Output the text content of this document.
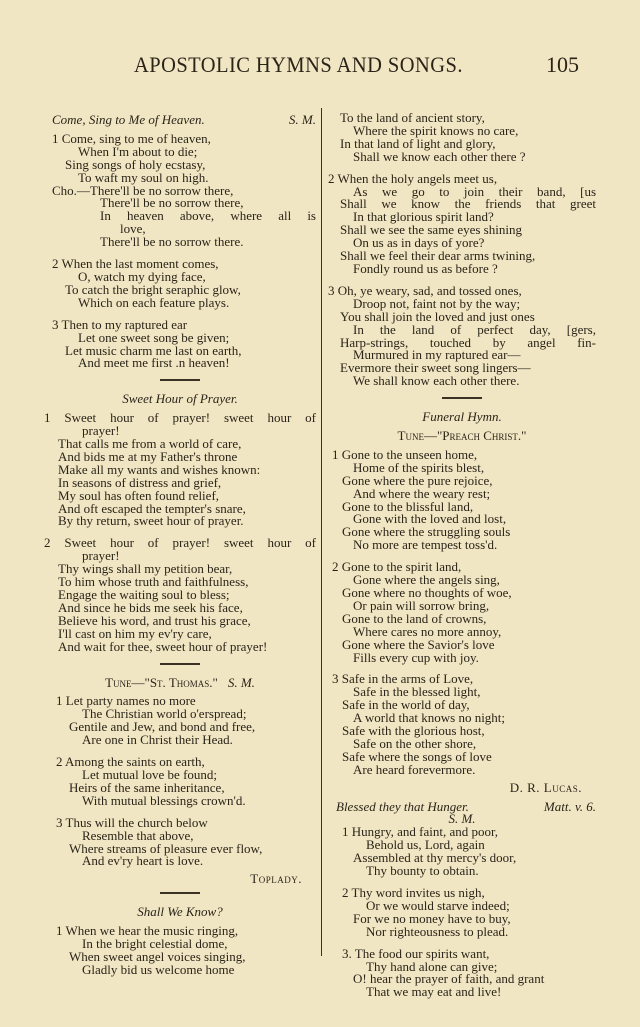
APOSTOLIC HYMNS AND SONGS.	105
Come, Sing to Me of Heaven.	S. M.
1 Come, sing to me of heaven,
When I'm about to die;
Sing songs of holy ecstasy,
To waft my soul on high.
Cho.—There'll be no sorrow there,
There'll be no sorrow there,
In heaven above, where all is
love,
There'll be no sorrow there.
2 When the last moment comes,
O, watch my dying face,
To catch the bright seraphic glow,
Which on each feature plays.
3 Then to my raptured ear
Let one sweet song be given;
Let music charm me last on earth,
And meet me first .n heaven!
Sweet Hour of Prayer.
1 Sweet hour of prayer! sweet hour of
prayer!
That calls me from a world of care,
And bids me at my Father's throne
Make all my wants and wishes known:
In seasons of distress and grief,
My soul has often found relief,
And oft escaped the tempter's snare,
By thy return, sweet hour of prayer.
2 Sweet hour of prayer! sweet hour of
prayer!
Thy wings shall my petition bear,
To him whose truth and faithfulness,
Engage the waiting soul to bless;
And since he bids me seek his face,
Believe his word, and trust his grace,
I'll cast on him my ev'ry care,
And wait for thee, sweet hour of prayer!
Tune—"St. Thomas." S. M.
1 Let party names no more
The Christian world o'erspread;
Gentile and Jew, and bond and free,
Are one in Christ their Head.
2 Among the saints on earth,
Let mutual love be found;
Heirs of the same inheritance,
With mutual blessings crown'd.
3 Thus will the church below
Resemble that above,
Where streams of pleasure ever flow,
And ev'ry heart is love.
Toplady.
Shall We Know?
1 When we hear the music ringing,
In the bright celestial dome,
When sweet angel voices singing,
Gladly bid us welcome home
To the land of ancient story,
Where the spirit knows no care,
In that land of light and glory,
Shall we know each other there ?
2 When the holy angels meet us,
As we go to join their band, [us
Shall we know the friends that greet
In that glorious spirit land?
Shall we see the same eyes shining
On us as in days of yore?
Shall we feel their dear arms twining,
Fondly round us as before ?
3 Oh, ye weary, sad, and tossed ones,
Droop not, faint not by the way;
You shall join the loved and just ones
In the land of perfect day, [gers,
Harp-strings, touched by angel fin-
Murmured in my raptured ear—
Evermore their sweet song lingers—
We shall know each other there.
Funeral Hymn.
Tune—"Preach Christ."
1 Gone to the unseen home,
Home of the spirits blest,
Gone where the pure rejoice,
And where the weary rest;
Gone to the blissful land,
Gone with the loved and lost,
Gone where the struggling souls
No more are tempest toss'd.
2 Gone to the spirit land,
Gone where the angels sing,
Gone where no thoughts of woe,
Or pain will sorrow bring,
Gone to the land of crowns,
Where cares no more annoy,
Gone where the Savior's love
Fills every cup with joy.
3 Safe in the arms of Love,
Safe in the blessed light,
Safe in the world of day,
A world that knows no night;
Safe with the glorious host,
Safe on the other shore,
Safe where the songs of love
Are heard forevermore.
D. R. Lucas.
Blessed they that Hunger.	Matt. v. 6.
S. M.
1 Hungry, and faint, and poor,
Behold us, Lord, again
Assembled at thy mercy's door,
Thy bounty to obtain.
2 Thy word invites us nigh,
Or we would starve indeed;
For we no money have to buy,
Nor righteousness to plead.
3. The food our spirits want,
Thy hand alone can give;
O! hear the prayer of faith, and grant
That we may eat and live!
